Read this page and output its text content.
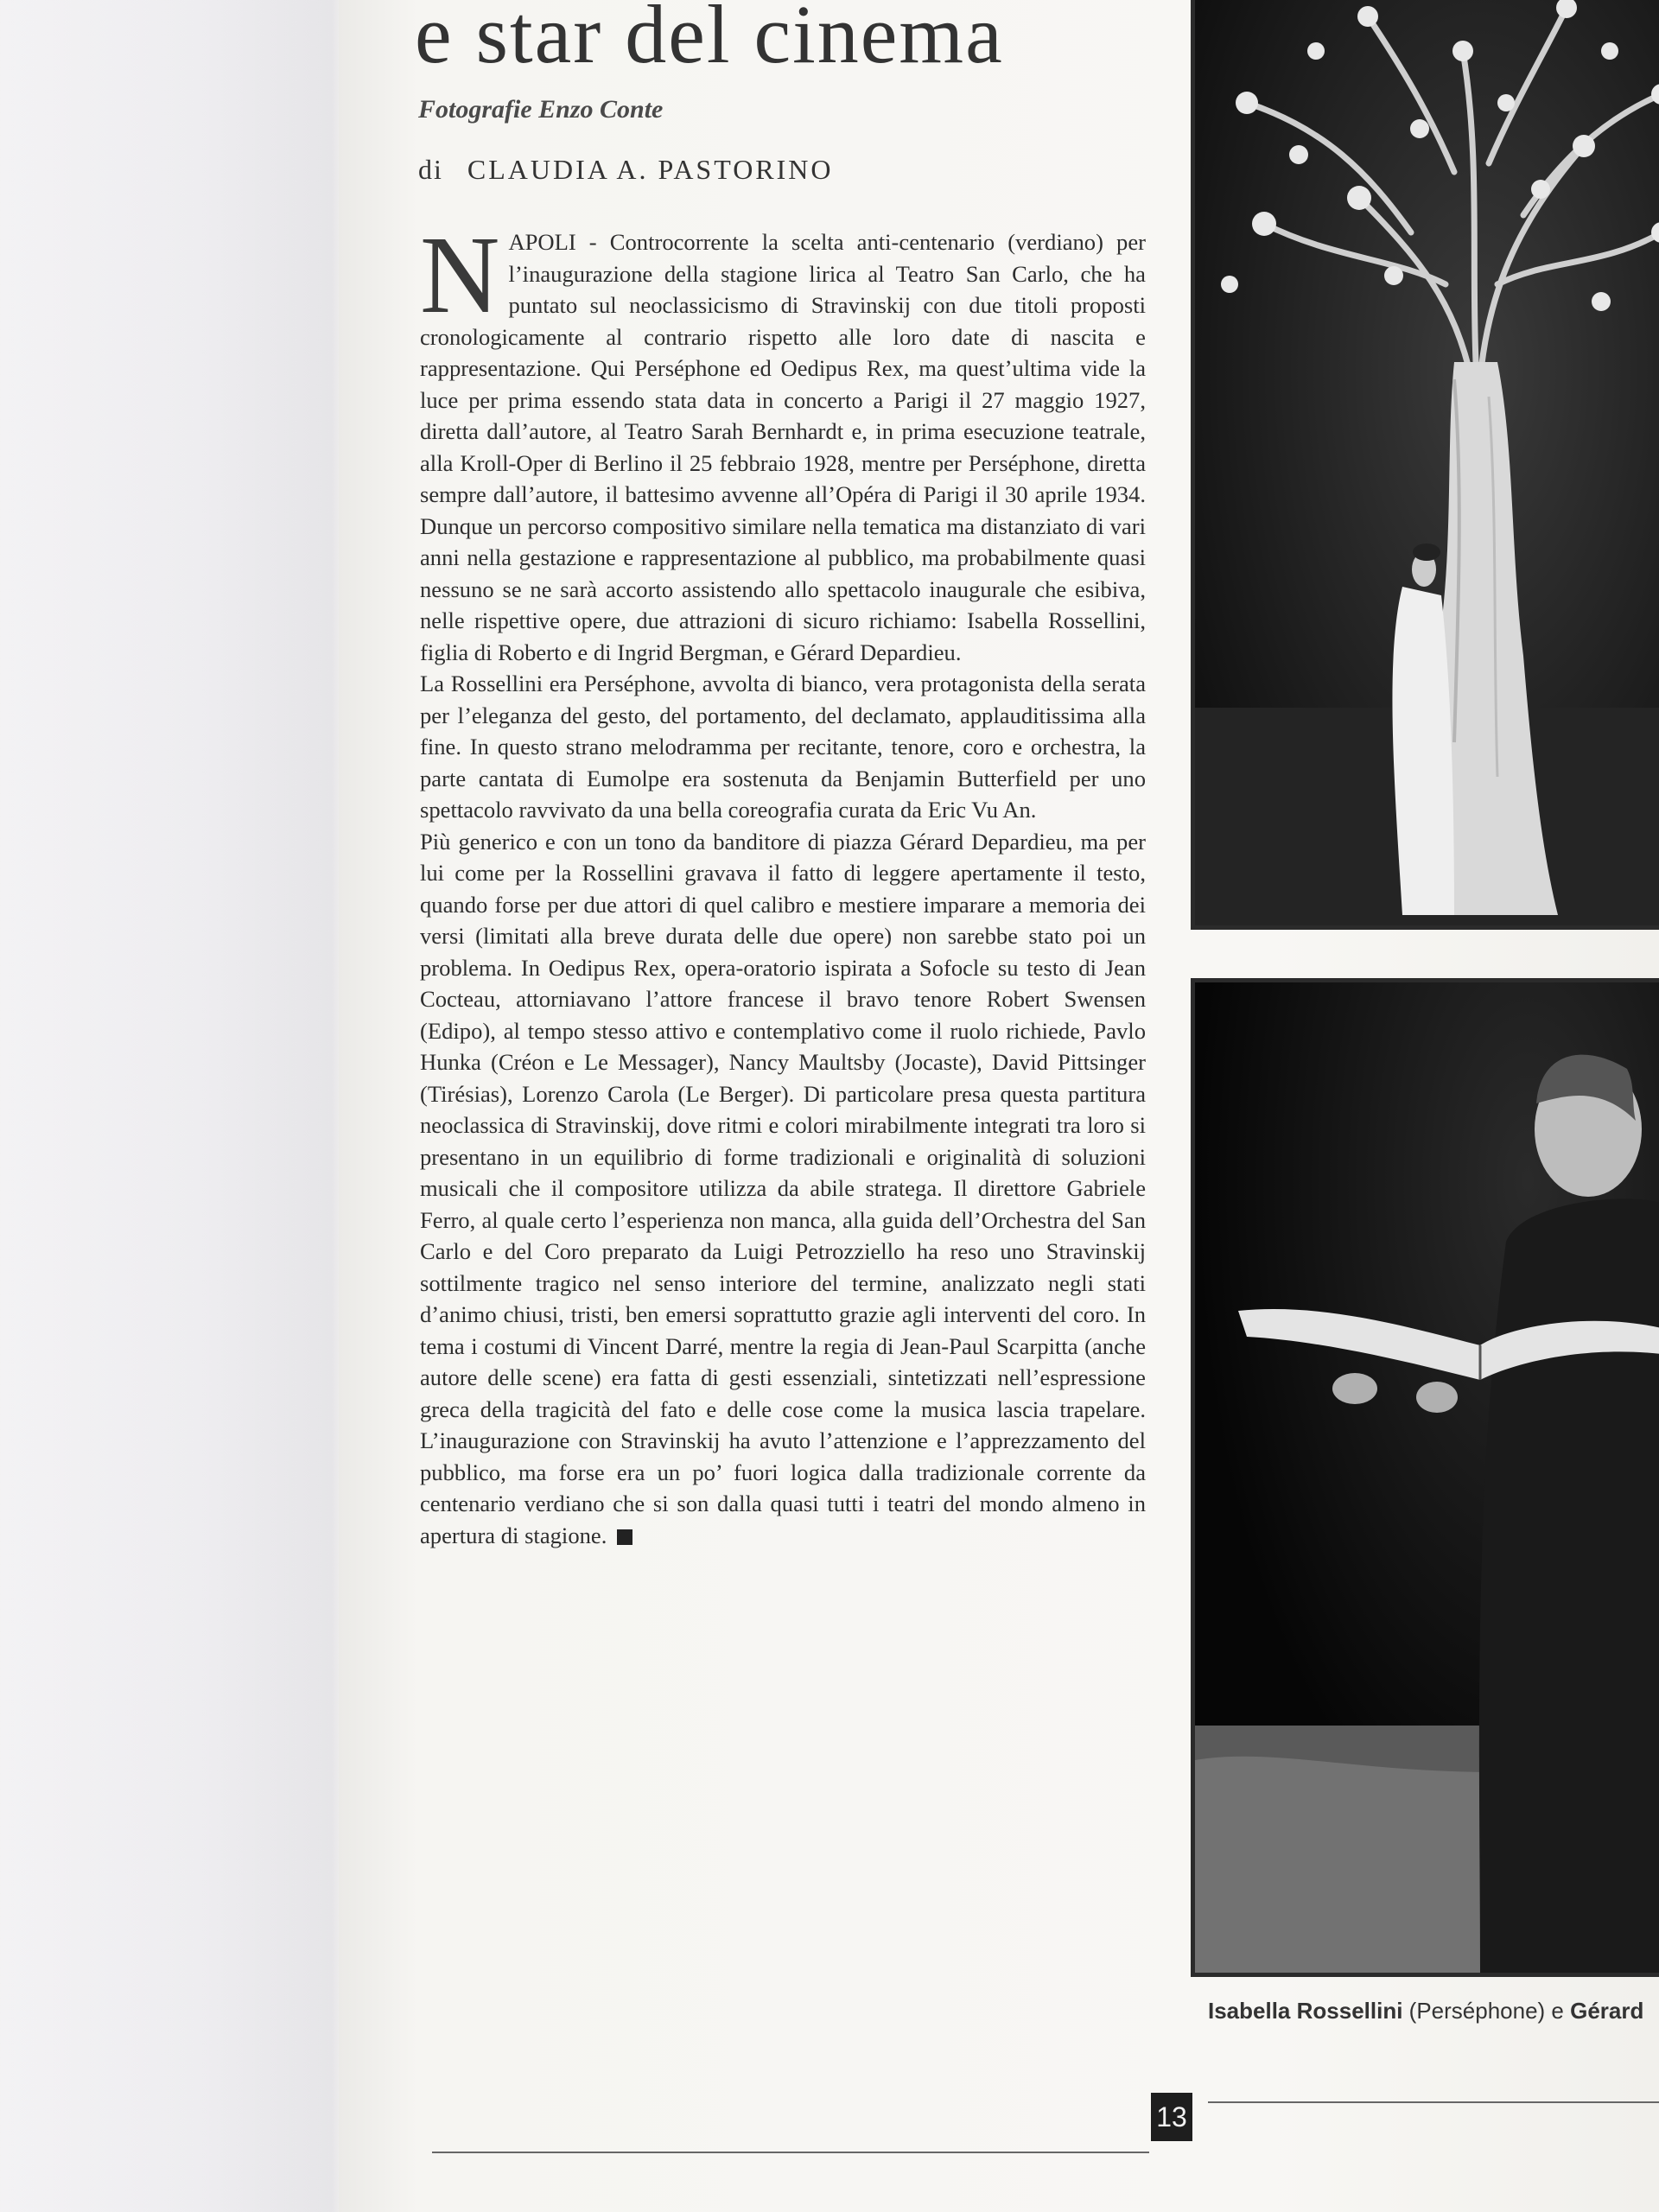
e star del cinema
Fotografie Enzo Conte
di CLAUDIA A. PASTORINO

NAPOLI - Controcorrente la scelta anti-centenario (verdiano) per l’inaugurazione della stagione lirica al Teatro San Carlo, che ha puntato sul neoclassicismo di Stravinskij con due titoli proposti cronologicamente al contrario rispetto alle loro date di nascita e rappresentazione. Qui Perséphone ed Oedipus Rex, ma quest’ultima vide la luce per prima essendo stata data in concerto a Parigi il 27 maggio 1927, diretta dall’autore, al Teatro Sarah Bernhardt e, in prima esecuzione teatrale, alla Kroll-Oper di Berlino il 25 febbraio 1928, mentre per Perséphone, diretta sempre dall’autore, il battesimo avvenne all’Opéra di Parigi il 30 aprile 1934. Dunque un percorso compositivo similare nella tematica ma distanziato di vari anni nella gestazione e rappresentazione al pubblico, ma probabilmente quasi nessuno se ne sarà accorto assistendo allo spettacolo inaugurale che esibiva, nelle rispettive opere, due attrazioni di sicuro richiamo: Isabella Rossellini, figlia di Roberto e di Ingrid Bergman, e Gérard Depardieu.

La Rossellini era Perséphone, avvolta di bianco, vera protagonista della serata per l’eleganza del gesto, del portamento, del declamato, applauditissima alla fine. In questo strano melodramma per recitante, tenore, coro e orchestra, la parte cantata di Eumolpe era sostenuta da Benjamin Butterfield per uno spettacolo ravvivato da una bella coreografia curata da Eric Vu An.

Più generico e con un tono da banditore di piazza Gérard Depardieu, ma per lui come per la Rossellini gravava il fatto di leggere apertamente il testo, quando forse per due attori di quel calibro e mestiere imparare a memoria dei versi (limitati alla breve durata delle due opere) non sarebbe stato poi un problema. In Oedipus Rex, opera-oratorio ispirata a Sofocle su testo di Jean Cocteau, attorniavano l’attore francese il bravo tenore Robert Swensen (Edipo), al tempo stesso attivo e contemplativo come il ruolo richiede, Pavlo Hunka (Créon e Le Messager), Nancy Maultsby (Jocaste), David Pittsinger (Tirésias), Lorenzo Carola (Le Berger). Di particolare presa questa partitura neoclassica di Stravinskij, dove ritmi e colori mirabilmente integrati tra loro si presentano in un equilibrio di forme tradizionali e originalità di soluzioni musicali che il compositore utilizza da abile stratega. Il direttore Gabriele Ferro, al quale certo l’esperienza non manca, alla guida dell’Orchestra del San Carlo e del Coro preparato da Luigi Petrozziello ha reso uno Stravinskij sottilmente tragico nel senso interiore del termine, analizzato negli stati d’animo chiusi, tristi, ben emersi soprattutto grazie agli interventi del coro. In tema i costumi di Vincent Darré, mentre la regia di Jean-Paul Scarpitta (anche autore delle scene) era fatta di gesti essenziali, sintetizzati nell’espressione greca della tragicità del fato e delle cose come la musica lascia trapelare. L’inaugurazione con Stravinskij ha avuto l’attenzione e l’apprezzamento del pubblico, ma forse era un po’ fuori logica dalla tradizionale corrente da centenario verdiano che si son dalla quasi tutti i teatri del mondo almeno in apertura di stagione.

Isabella Rossellini (Perséphone) e Gérard
13
